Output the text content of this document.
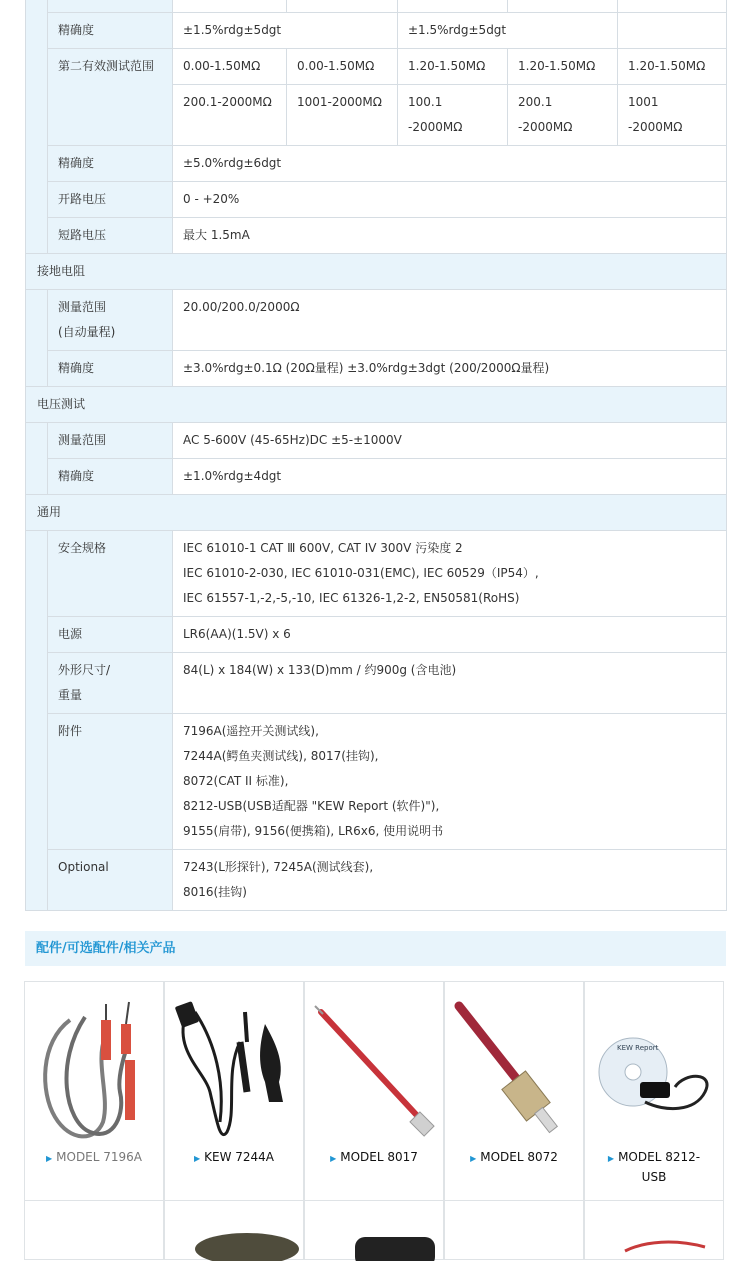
	精确度	±1.5%rdg±5dgt		±1.5%rdg±5dgt		
	第二有效测试范围	0.00-1.50MΩ	0.00-1.50MΩ	1.20-1.50MΩ	1.20-1.50MΩ	1.20-1.50MΩ

		200.1-2000MΩ	1001-2000MΩ	100.1
-2000MΩ	200.1
-2000MΩ	1001
-2000MΩ

	精确度	±5.0%rdg±6dgt				
	开路电压	0 - +20%				
	短路电压	最大 1.5mA				
接地电阻						

	测量范围
(自动量程)	20.00/200.0/2000Ω				
	精确度	±3.0%rdg±0.1Ω (20Ω量程) ±3.0%rdg±3dgt (200/2000Ω量程)				
电压测试						
	测量范围	AC 5-600V (45-65Hz)DC ±5-±1000V				
	精确度	±1.0%rdg±4dgt				
通用						
	安全规格	IEC 61010-1 CAT Ⅲ 600V, CAT IV 300V 污染度 2
IEC 61010-2-030, IEC 61010-031(EMC), IEC 60529（IP54）,
IEC 61557-1,-2,-5,-10, IEC 61326-1,2-2, EN50581(RoHS)				

	电源	LR6(AA)(1.5V) x 6				

	外形尺寸/
重量	84(L) x 184(W) x 133(D)mm / 约900g (含电池)				
	附件	7196A(遥控开关测试线),
7244A(鳄鱼夹测试线), 8017(挂钩),
8072(CAT II 标准),
8212-USB(USB适配器 "KEW Report (软件)"),
9155(肩带), 9156(便携箱), LR6x6, 使用说明书				

	Optional	7243(L形探针), 7245A(测试线套),
8016(挂钩)				
配件/可选配件/相关产品
▶ MODEL 7196A	▶ KEW 7244A	▶ MODEL 8017	▶ MODEL 8072
KEW Report
▶ MODEL 8212-
USB
